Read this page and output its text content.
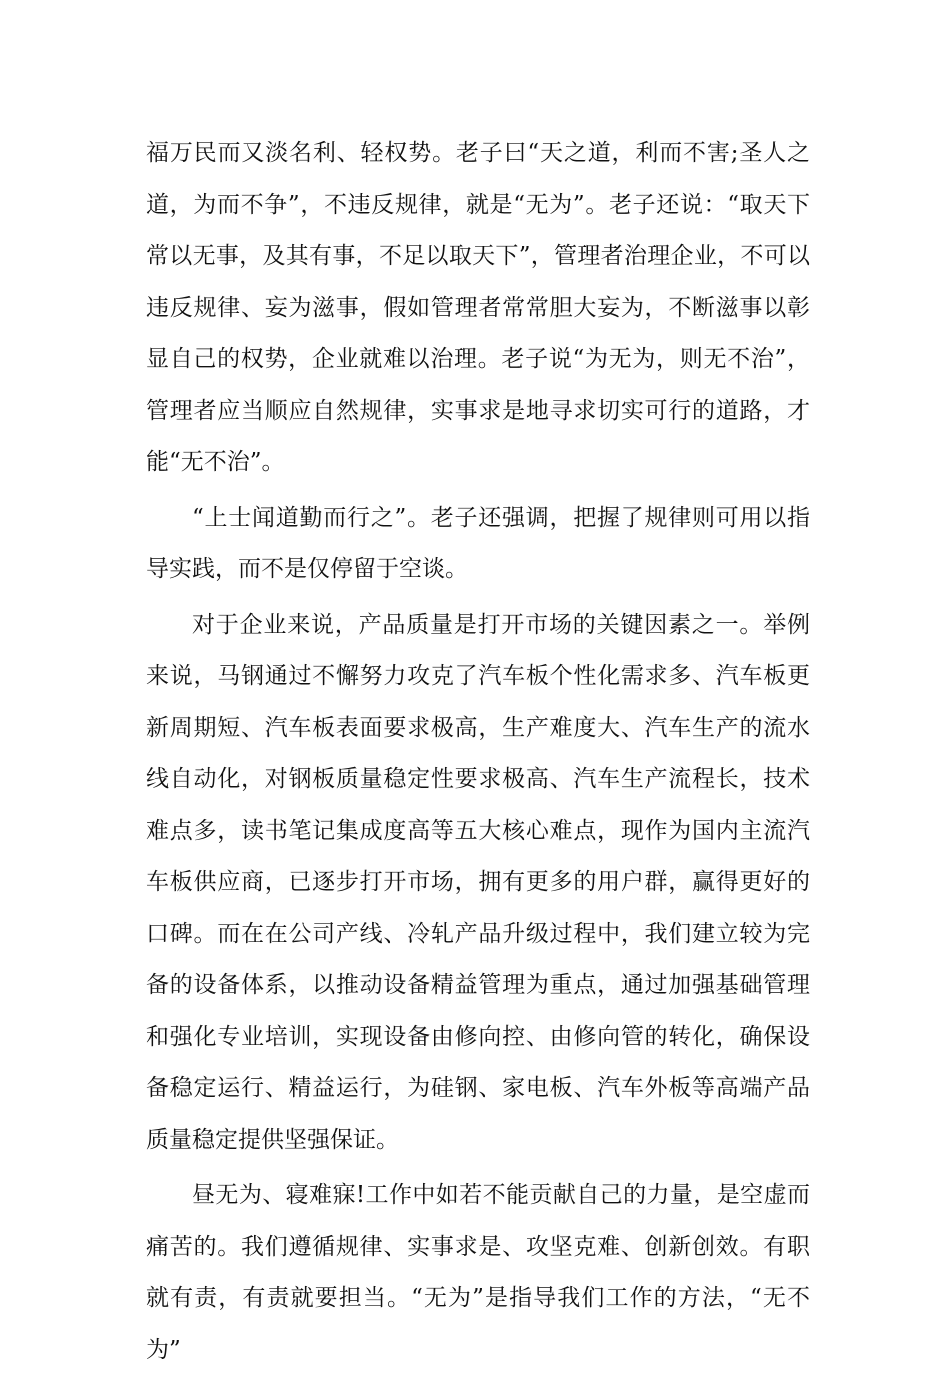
福万民而又淡名利、轻权势。老子曰“天之道，利而不害;圣人之道，为而不争”，不违反规律，就是“无为”。老子还说：“取天下常以无事，及其有事，不足以取天下”，管理者治理企业，不可以违反规律、妄为滋事，假如管理者常常胆大妄为，不断滋事以彰显自己的权势，企业就难以治理。老子说“为无为，则无不治”，管理者应当顺应自然规律，实事求是地寻求切实可行的道路，才能“无不治”。

“上士闻道勤而行之”。老子还强调，把握了规律则可用以指导实践，而不是仅停留于空谈。

对于企业来说，产品质量是打开市场的关键因素之一。举例来说，马钢通过不懈努力攻克了汽车板个性化需求多、汽车板更新周期短、汽车板表面要求极高，生产难度大、汽车生产的流水线自动化，对钢板质量稳定性要求极高、汽车生产流程长，技术难点多，读书笔记集成度高等五大核心难点，现作为国内主流汽车板供应商，已逐步打开市场，拥有更多的用户群，赢得更好的口碑。而在在公司产线、冷轧产品升级过程中，我们建立较为完备的设备体系，以推动设备精益管理为重点，通过加强基础管理和强化专业培训，实现设备由修向控、由修向管的转化，确保设备稳定运行、精益运行，为硅钢、家电板、汽车外板等高端产品质量稳定提供坚强保证。

昼无为、寝难寐!工作中如若不能贡献自己的力量，是空虚而痛苦的。我们遵循规律、实事求是、攻坚克难、创新创效。有职就有责，有责就要担当。“无为”是指导我们工作的方法，“无不为”
